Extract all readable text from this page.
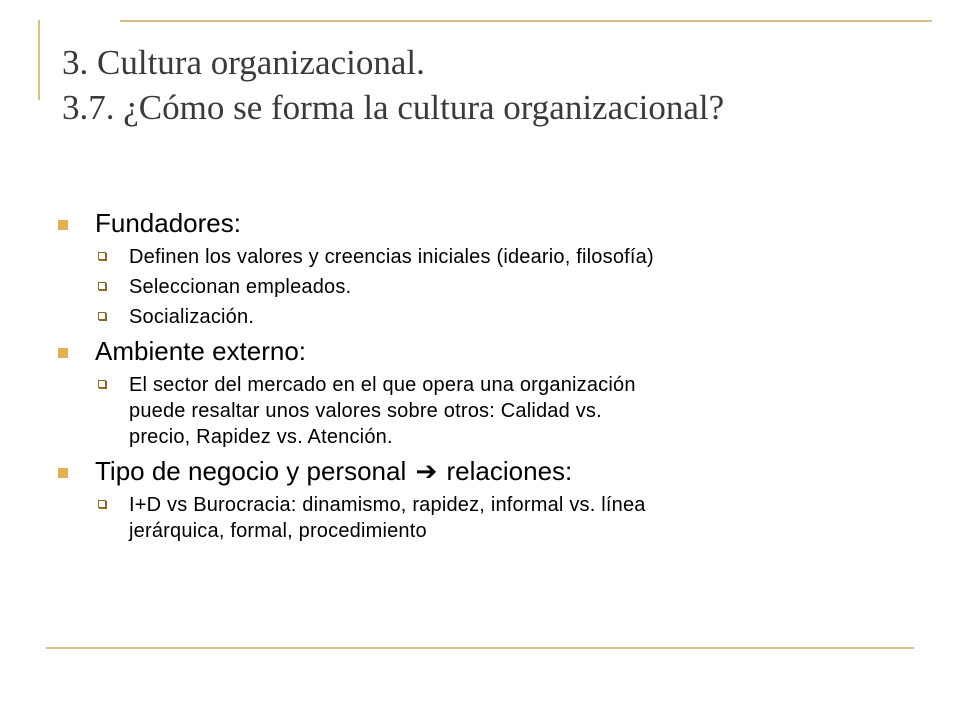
3. Cultura organizacional.
3.7. ¿Cómo se forma la cultura organizacional?
Fundadores:
Definen los valores y creencias iniciales (ideario, filosofía)
Seleccionan empleados.
Socialización.
Ambiente externo:
El sector del mercado en el que opera una organización
puede resaltar unos valores sobre otros: Calidad vs.
precio, Rapidez vs. Atención.
Tipo de negocio y personal ➔ relaciones:
I+D vs Burocracia: dinamismo, rapidez, informal vs. línea
jerárquica, formal, procedimiento
